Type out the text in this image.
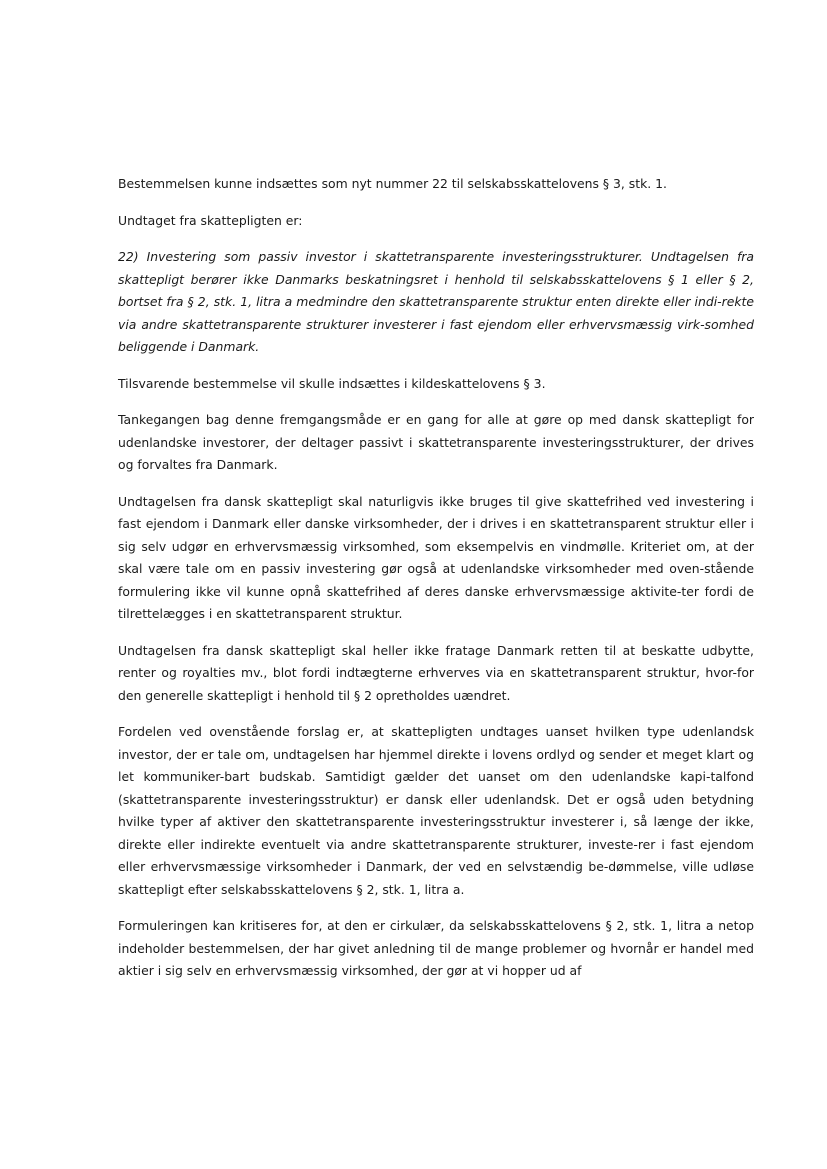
Bestemmelsen kunne indsættes som nyt nummer 22 til selskabsskattelovens § 3, stk. 1.

Undtaget fra skattepligten er:

22) Investering som passiv investor i skattetransparente investeringsstrukturer. Undtagelsen fra skattepligt berører ikke Danmarks beskatningsret i henhold til selskabsskattelovens § 1 eller § 2, bortset fra § 2, stk. 1, litra a medmindre den skattetransparente struktur enten direkte eller indi-rekte via andre skattetransparente strukturer investerer i fast ejendom eller erhvervsmæssig virk-somhed beliggende i Danmark.

Tilsvarende bestemmelse vil skulle indsættes i kildeskattelovens § 3.

Tankegangen bag denne fremgangsmåde er en gang for alle at gøre op med dansk skattepligt for udenlandske investorer, der deltager passivt i skattetransparente investeringsstrukturer, der drives og forvaltes fra Danmark.

Undtagelsen fra dansk skattepligt skal naturligvis ikke bruges til give skattefrihed ved investering i fast ejendom i Danmark eller danske virksomheder, der i drives i en skattetransparent struktur eller i sig selv udgør en erhvervsmæssig virksomhed, som eksempelvis en vindmølle. Kriteriet om, at der skal være tale om en passiv investering gør også at udenlandske virksomheder med oven-stående formulering ikke vil kunne opnå skattefrihed af deres danske erhvervsmæssige aktivite-ter fordi de tilrettelægges i en skattetransparent struktur.

Undtagelsen fra dansk skattepligt skal heller ikke fratage Danmark retten til at beskatte udbytte, renter og royalties mv., blot fordi indtægterne erhverves via en skattetransparent struktur, hvor-for den generelle skattepligt i henhold til § 2 opretholdes uændret.

Fordelen ved ovenstående forslag er, at skattepligten undtages uanset hvilken type udenlandsk investor, der er tale om, undtagelsen har hjemmel direkte i lovens ordlyd og sender et meget klart og let kommuniker-bart budskab. Samtidigt gælder det uanset om den udenlandske kapi-talfond (skattetransparente investeringsstruktur) er dansk eller udenlandsk. Det er også uden betydning hvilke typer af aktiver den skattetransparente investeringsstruktur investerer i, så længe der ikke, direkte eller indirekte eventuelt via andre skattetransparente strukturer, investe-rer i fast ejendom eller erhvervsmæssige virksomheder i Danmark, der ved en selvstændig be-dømmelse, ville udløse skattepligt efter selskabsskattelovens § 2, stk. 1, litra a.

Formuleringen kan kritiseres for, at den er cirkulær, da selskabsskattelovens § 2, stk. 1, litra a netop indeholder bestemmelsen, der har givet anledning til de mange problemer og hvornår er handel med aktier i sig selv en erhvervsmæssig virksomhed, der gør at vi hopper ud af
